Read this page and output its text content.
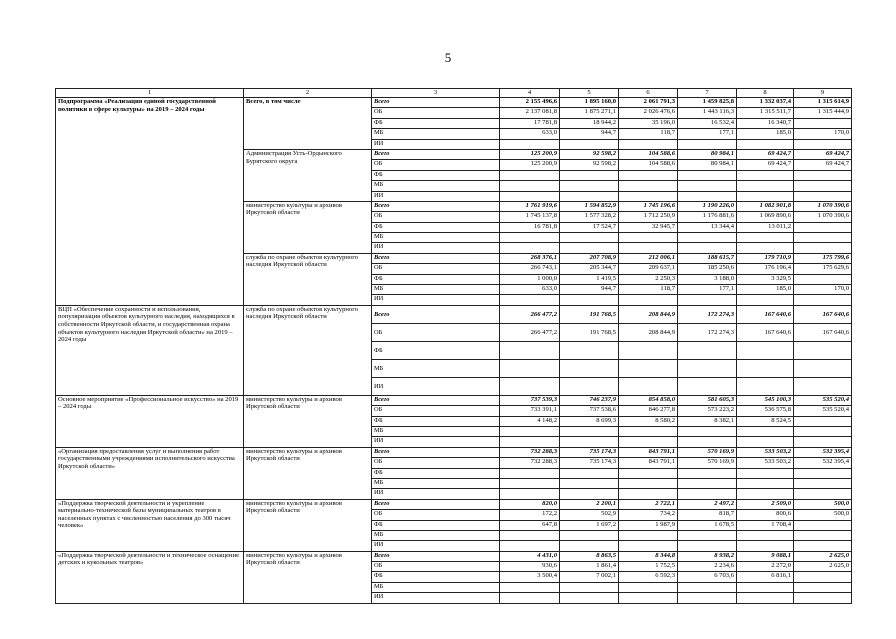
5
1	2	3	4	5	6	7	8	9
Подпрограмма «Реализация единой государственной политики в сфере культуры» на 2019 – 2024 годы	Всего, в том числе	Всего	2 155 496,6	1 895 160,0	2 061 791,3	1 459 825,8	1 332 037,4	1 315 614,9
		ОБ	2 137 081,8	1 875 271,1	2 026 476,6	1 443 116,3	1 315 511,7	1 315 444,9
		ФБ	17 781,8	18 944,2	35 196,0	16 532,4	16 340,7	
		МБ	633,0	944,7	118,7	177,1	185,0	170,0
		ИИ						
	Администрация Усть-Ордынского Бурятского округа	Всего	125 200,9	92 598,2	104 588,6	80 984,1	69 424,7	69 424,7
		ОБ	125 200,9	92 598,2	104 588,6	80 984,1	69 424,7	69 424,7
		ФБ						
		МБ						
		ИИ						
	министерство культуры и архивов Иркутской области	Всего	1 761 919,6	1 594 852,9	1 745 196,6	1 190 226,0	1 082 901,8	1 070 390,6
		ОБ	1 745 137,8	1 577 328,2	1 712 250,9	1 176 881,6	1 069 890,6	1 070 390,6
		ФБ	16 781,8	17 524,7	32 945,7	13 344,4	13 011,2	
		МБ						
		ИИ						
	служба по охране объектов культурного наследия Иркутской области	Всего	268 376,1	207 708,9	212 006,1	188 615,7	179 710,9	175 799,6
		ОБ	266 743,1	205 344,7	209 637,1	185 250,6	176 196,4	175 629,6
		ФБ	1 000,0	1 419,5	2 250,3	3 188,0	3 329,5	
		МБ	633,0	944,7	118,7	177,1	185,0	170,0
		ИИ						
ВЦП «Обеспечение сохранности и использования, популяризация объектов культурного наследия, находящихся в собственности Иркутской области, и государственная охрана объектов культурного наследия Иркутской области» на 2019 – 2024 годы	служба по охране объектов культурного наследия Иркутской области	Всего	266 477,2	191 768,5	208 844,9	172 274,3	167 640,6	167 640,6
		ОБ	266 477,2	191 768,5	208 844,9	172 274,3	167 640,6	167 640,6
		ФБ						
		МБ						
		ИИ						
Основное мероприятие «Профессиональное искусство» на 2019 – 2024 годы	министерство культуры и архивов Иркутской области	Всего	737 539,3	746 237,9	854 858,0	581 605,3	545 100,3	535 520,4
		ОБ	733 391,1	737 538,6	846 277,8	573 223,2	536 575,8	535 520,4
		ФБ	4 148,2	8 699,3	8 580,2	8 382,1	8 524,5	
		МБ						
		ИИ						
«Организация предоставления услуг и выполнения работ государственными учреждениями исполнительского искусства Иркутской области»	министерство культуры и архивов Иркутской области	Всего	732 288,3	735 174,3	843 791,1	570 169,9	533 503,2	532 395,4
		ОБ	732 288,3	735 174,3	843 791,1	570 169,9	533 503,2	532 395,4
		ФБ						
		МБ						
		ИИ						
«Поддержка творческой деятельности и укрепление материально-технической базы муниципальных театров в населенных пунктах с численностью населения до 300 тысяч человек»	министерство культуры и архивов Иркутской области	Всего	820,0	2 200,1	2 722,1	2 497,2	2 509,0	500,0
		ОБ	172,2	502,9	734,2	818,7	800,6	500,0
		ФБ	647,8	1 697,2	1 987,9	1 678,5	1 708,4	
		МБ						
		ИИ						
«Поддержка творческой деятельности и техническое оснащение детских и кукольных театров»	министерство культуры и архивов Иркутской области	Всего	4 431,0	8 863,5	8 344,8	8 938,2	9 088,1	2 625,0
		ОБ	930,6	1 861,4	1 752,5	2 234,6	2 272,0	2 625,0
		ФБ	3 500,4	7 002,1	6 592,3	6 703,6	6 816,1	
		МБ						
		ИИ						
